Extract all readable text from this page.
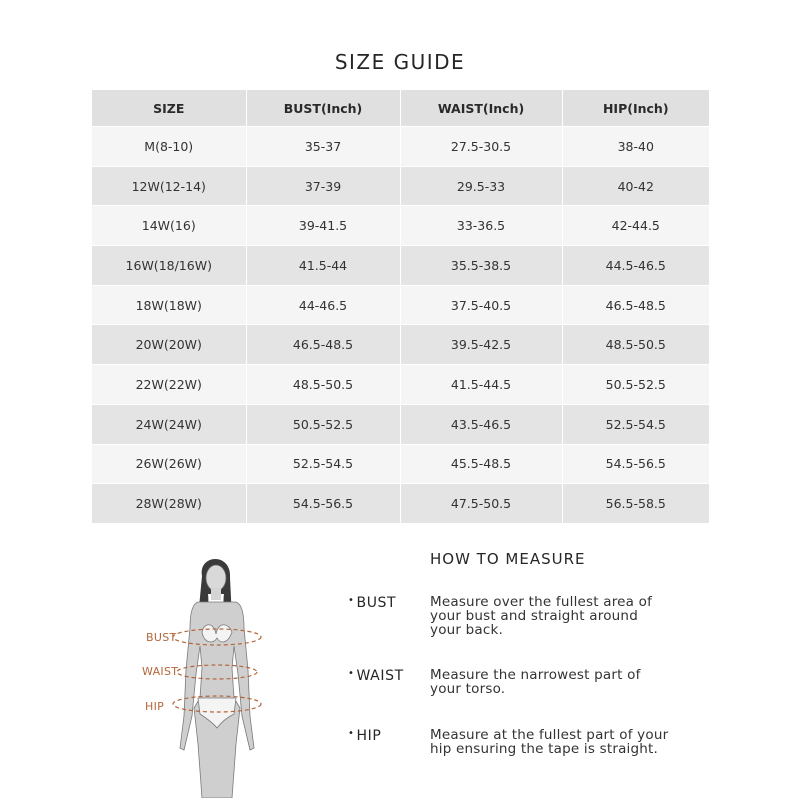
SIZE GUIDE
SIZE	BUST(Inch)	WAIST(Inch)	HIP(Inch)
M(8-10)	35-37	27.5-30.5	38-40
12W(12-14)	37-39	29.5-33	40-42
14W(16)	39-41.5	33-36.5	42-44.5
16W(18/16W)	41.5-44	35.5-38.5	44.5-46.5
18W(18W)	44-46.5	37.5-40.5	46.5-48.5
20W(20W)	46.5-48.5	39.5-42.5	48.5-50.5
22W(22W)	48.5-50.5	41.5-44.5	50.5-52.5
24W(24W)	50.5-52.5	43.5-46.5	52.5-54.5
26W(26W)	52.5-54.5	45.5-48.5	54.5-56.5
28W(28W)	54.5-56.5	47.5-50.5	56.5-58.5
BUST
WAIST
HIP
HOW TO MEASURE
• BUST	Measure over the fullest area of your bust and straight around your back.
• WAIST Measure the narrowest part of your torso.
• HIP	Measure at the fullest part of your hip ensuring the tape is straight.
